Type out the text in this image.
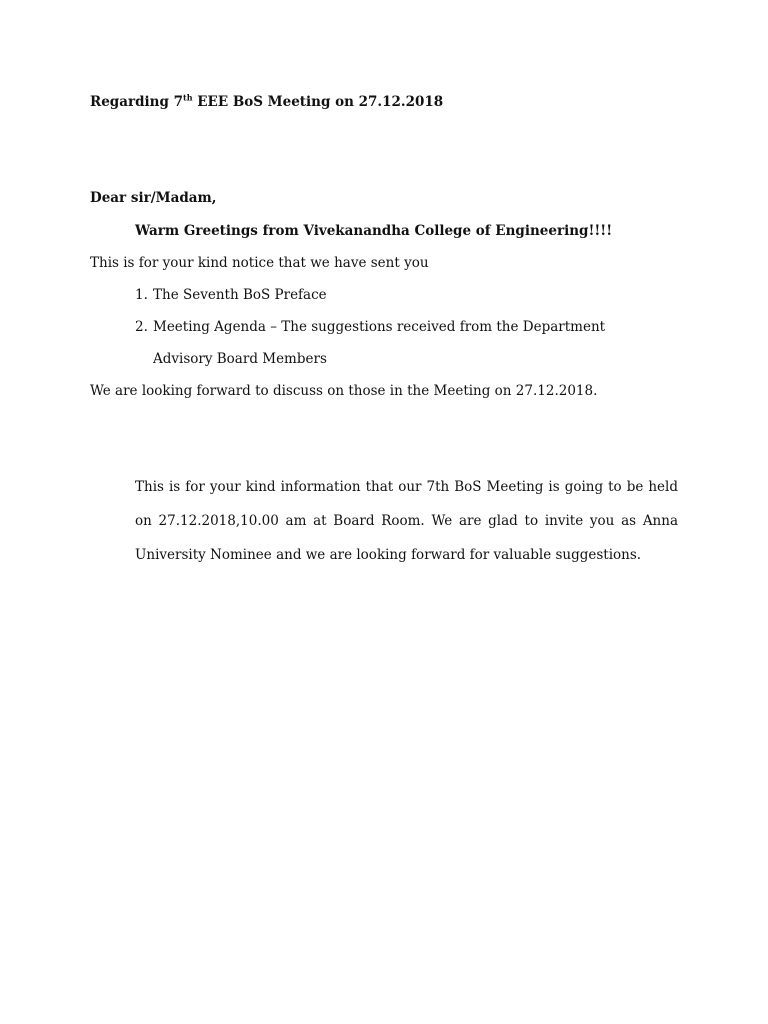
Regarding 7th EEE BoS Meeting on 27.12.2018
Dear sir/Madam,
Warm Greetings from Vivekanandha College of Engineering!!!!
This is for your kind notice that we have sent you
1. The Seventh BoS Preface
2. Meeting Agenda – The suggestions received from the Department
Advisory Board Members
We are looking forward to discuss on those in the Meeting on 27.12.2018.
This is for your kind information that our 7th BoS Meeting is going to be held
on 27.12.2018,10.00 am at Board Room. We are glad to invite you as Anna
University Nominee and we are looking forward for valuable suggestions.
